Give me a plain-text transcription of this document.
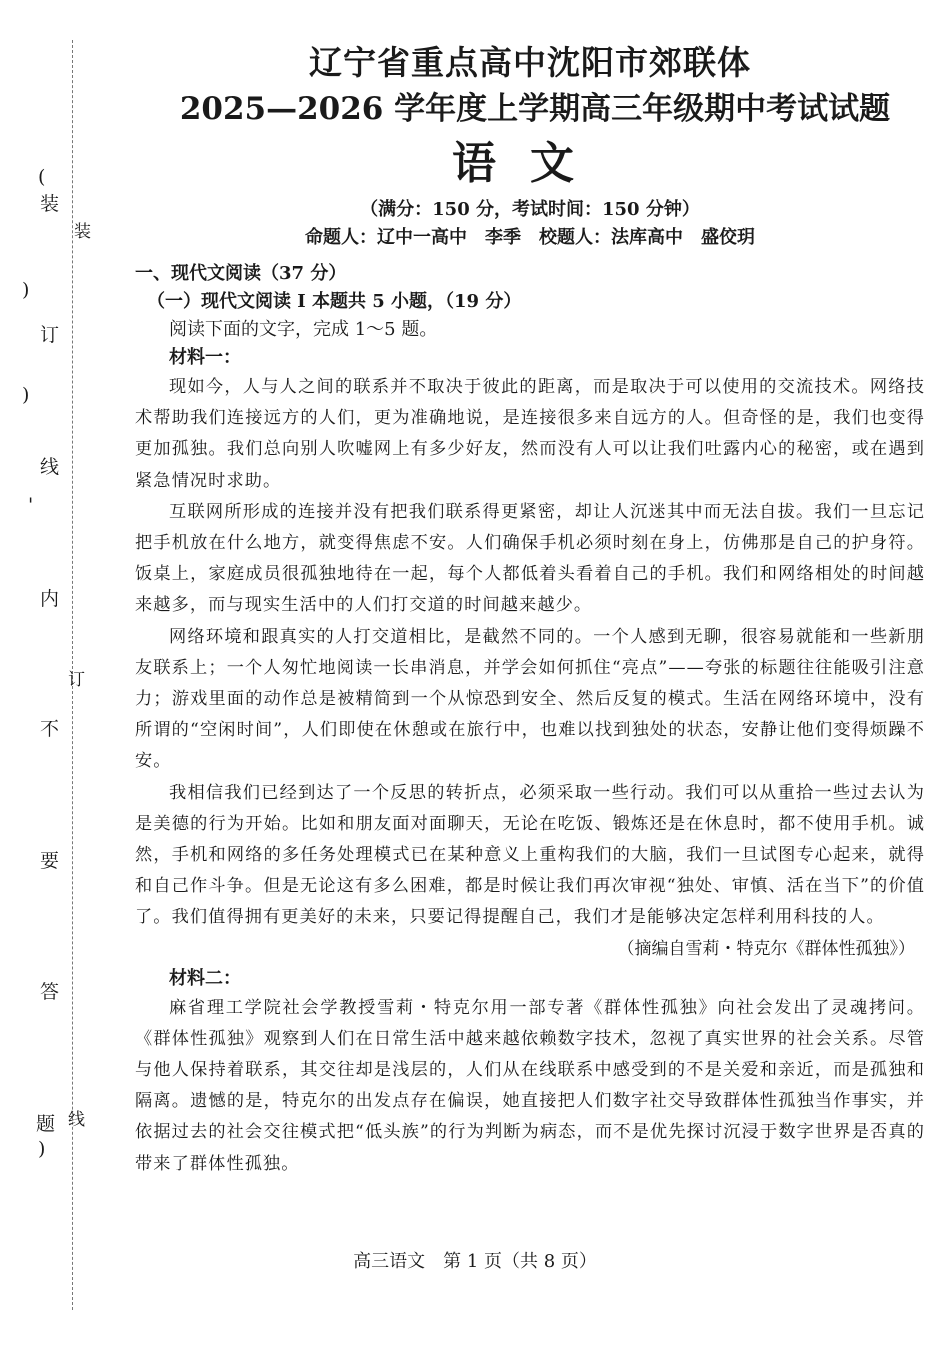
(
装
)
订
)
线
'
内
不
要
答
题
)
装
订
线
辽宁省重点高中沈阳市郊联体
2025—2026 学年度上学期高三年级期中考试试题
语文
（满分：150 分，考试时间：150 分钟）
命题人：辽中一高中　李季　校题人：法库高中　盛佼玥
一、现代文阅读（37 分）
（一）现代文阅读 I 本题共 5 小题，（19 分）
阅读下面的文字，完成 1～5 题。
材料一：

现如今，人与人之间的联系并不取决于彼此的距离，而是取决于可以使用的交流技术。网络技术帮助我们连接远方的人们，更为准确地说，是连接很多来自远方的人。但奇怪的是，我们也变得更加孤独。我们总向别人吹嘘网上有多少好友，然而没有人可以让我们吐露内心的秘密，或在遇到紧急情况时求助。

互联网所形成的连接并没有把我们联系得更紧密，却让人沉迷其中而无法自拔。我们一旦忘记把手机放在什么地方，就变得焦虑不安。人们确保手机必须时刻在身上，仿佛那是自己的护身符。饭桌上，家庭成员很孤独地待在一起，每个人都低着头看着自己的手机。我们和网络相处的时间越来越多，而与现实生活中的人们打交道的时间越来越少。

网络环境和跟真实的人打交道相比，是截然不同的。一个人感到无聊，很容易就能和一些新朋友联系上；一个人匆忙地阅读一长串消息，并学会如何抓住“亮点”——夸张的标题往往能吸引注意力；游戏里面的动作总是被精简到一个从惊恐到安全、然后反复的模式。生活在网络环境中，没有所谓的“空闲时间”，人们即使在休憩或在旅行中，也难以找到独处的状态，安静让他们变得烦躁不安。

我相信我们已经到达了一个反思的转折点，必须采取一些行动。我们可以从重拾一些过去认为是美德的行为开始。比如和朋友面对面聊天，无论在吃饭、锻炼还是在休息时，都不使用手机。诚然，手机和网络的多任务处理模式已在某种意义上重构我们的大脑，我们一旦试图专心起来，就得和自己作斗争。但是无论这有多么困难，都是时候让我们再次审视“独处、审慎、活在当下”的价值了。我们值得拥有更美好的未来，只要记得提醒自己，我们才是能够决定怎样利用科技的人。

（摘编自雪莉・特克尔《群体性孤独》）
材料二：

麻省理工学院社会学教授雪莉・特克尔用一部专著《群体性孤独》向社会发出了灵魂拷问。《群体性孤独》观察到人们在日常生活中越来越依赖数字技术，忽视了真实世界的社会关系。尽管与他人保持着联系，其交往却是浅层的，人们从在线联系中感受到的不是关爱和亲近，而是孤独和隔离。遗憾的是，特克尔的出发点存在偏误，她直接把人们数字社交导致群体性孤独当作事实，并依据过去的社会交往模式把“低头族”的行为判断为病态，而不是优先探讨沉浸于数字世界是否真的带来了群体性孤独。

高三语文　第 1 页（共 8 页）
